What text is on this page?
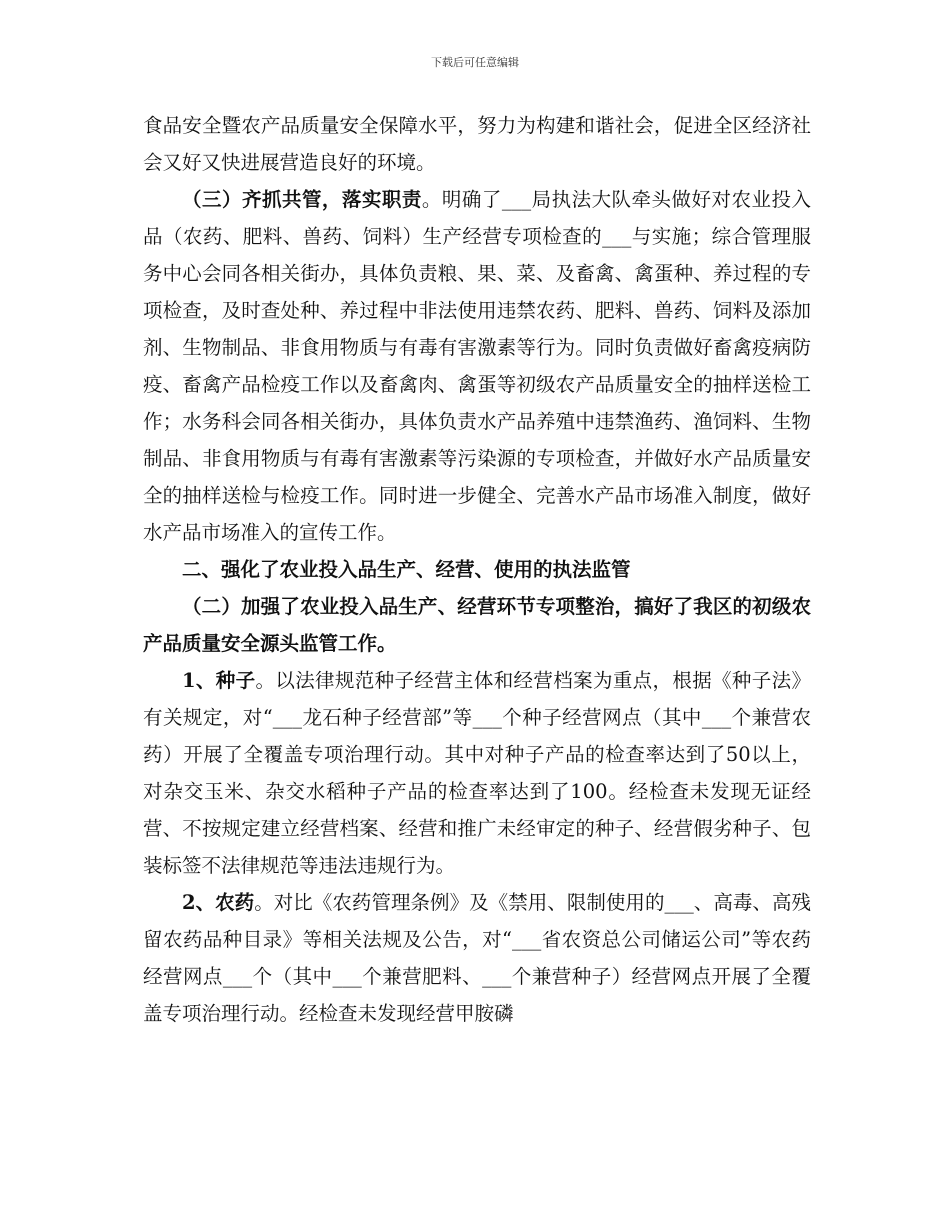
下载后可任意编辑

食品安全暨农产品质量安全保障水平，努力为构建和谐社会，促进全区经济社会又好又快进展营造良好的环境。

（三）齐抓共管，落实职责。明确了___局执法大队牵头做好对农业投入品（农药、肥料、兽药、饲料）生产经营专项检查的___与实施；综合管理服务中心会同各相关街办，具体负责粮、果、菜、及畜禽、禽蛋种、养过程的专项检查，及时查处种、养过程中非法使用违禁农药、肥料、兽药、饲料及添加剂、生物制品、非食用物质与有毒有害激素等行为。同时负责做好畜禽疫病防疫、畜禽产品检疫工作以及畜禽肉、禽蛋等初级农产品质量安全的抽样送检工作；水务科会同各相关街办，具体负责水产品养殖中违禁渔药、渔饲料、生物制品、非食用物质与有毒有害激素等污染源的专项检查，并做好水产品质量安全的抽样送检与检疫工作。同时进一步健全、完善水产品市场准入制度，做好水产品市场准入的宣传工作。

二、强化了农业投入品生产、经营、使用的执法监管

（二）加强了农业投入品生产、经营环节专项整治，搞好了我区的初级农产品质量安全源头监管工作。

1、种子。以法律规范种子经营主体和经营档案为重点，根据《种子法》有关规定，对“___龙石种子经营部”等___个种子经营网点（其中___个兼营农药）开展了全覆盖专项治理行动。其中对种子产品的检查率达到了50以上，对杂交玉米、杂交水稻种子产品的检查率达到了100。经检查未发现无证经营、不按规定建立经营档案、经营和推广未经审定的种子、经营假劣种子、包装标签不法律规范等违法违规行为。

2、农药。对比《农药管理条例》及《禁用、限制使用的___、高毒、高残留农药品种目录》等相关法规及公告，对“___省农资总公司储运公司”等农药经营网点___个（其中___个兼营肥料、___个兼营种子）经营网点开展了全覆盖专项治理行动。经检查未发现经营甲胺磷
